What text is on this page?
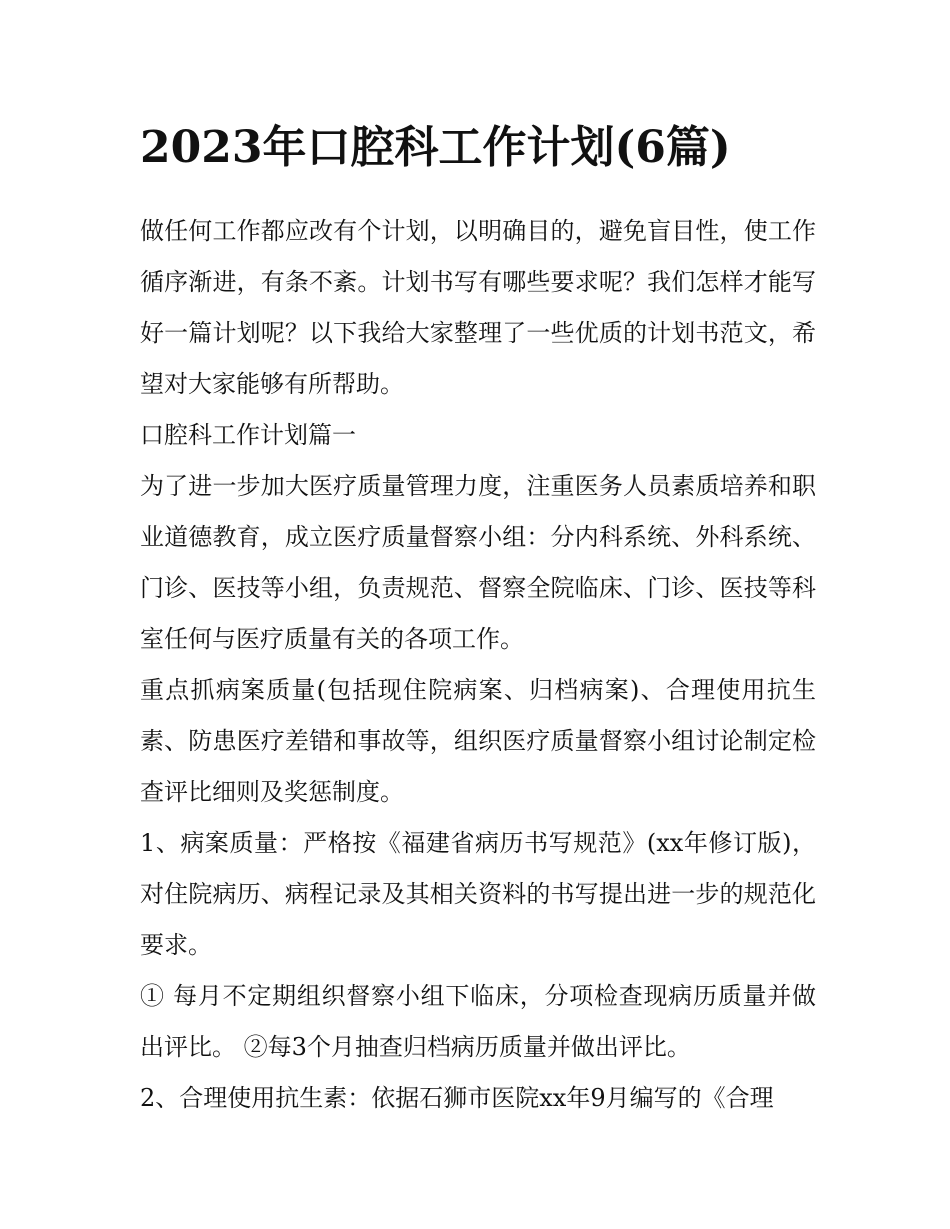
2023年口腔科工作计划(6篇)

做任何工作都应改有个计划，以明确目的，避免盲目性，使工作循序渐进，有条不紊。计划书写有哪些要求呢？我们怎样才能写好一篇计划呢？以下我给大家整理了一些优质的计划书范文，希望对大家能够有所帮助。

口腔科工作计划篇一

为了进一步加大医疗质量管理力度，注重医务人员素质培养和职业道德教育，成立医疗质量督察小组：分内科系统、外科系统、门诊、医技等小组，负责规范、督察全院临床、门诊、医技等科室任何与医疗质量有关的各项工作。

重点抓病案质量(包括现住院病案、归档病案)、合理使用抗生素、防患医疗差错和事故等，组织医疗质量督察小组讨论制定检查评比细则及奖惩制度。

1、病案质量：严格按《福建省病历书写规范》(xx年修订版)，对住院病历、病程记录及其相关资料的书写提出进一步的规范化要求。

① 每月不定期组织督察小组下临床，分项检查现病历质量并做出评比。 ②每3个月抽查归档病历质量并做出评比。

2、合理使用抗生素：依据石狮市医院xx年9月编写的《合理
